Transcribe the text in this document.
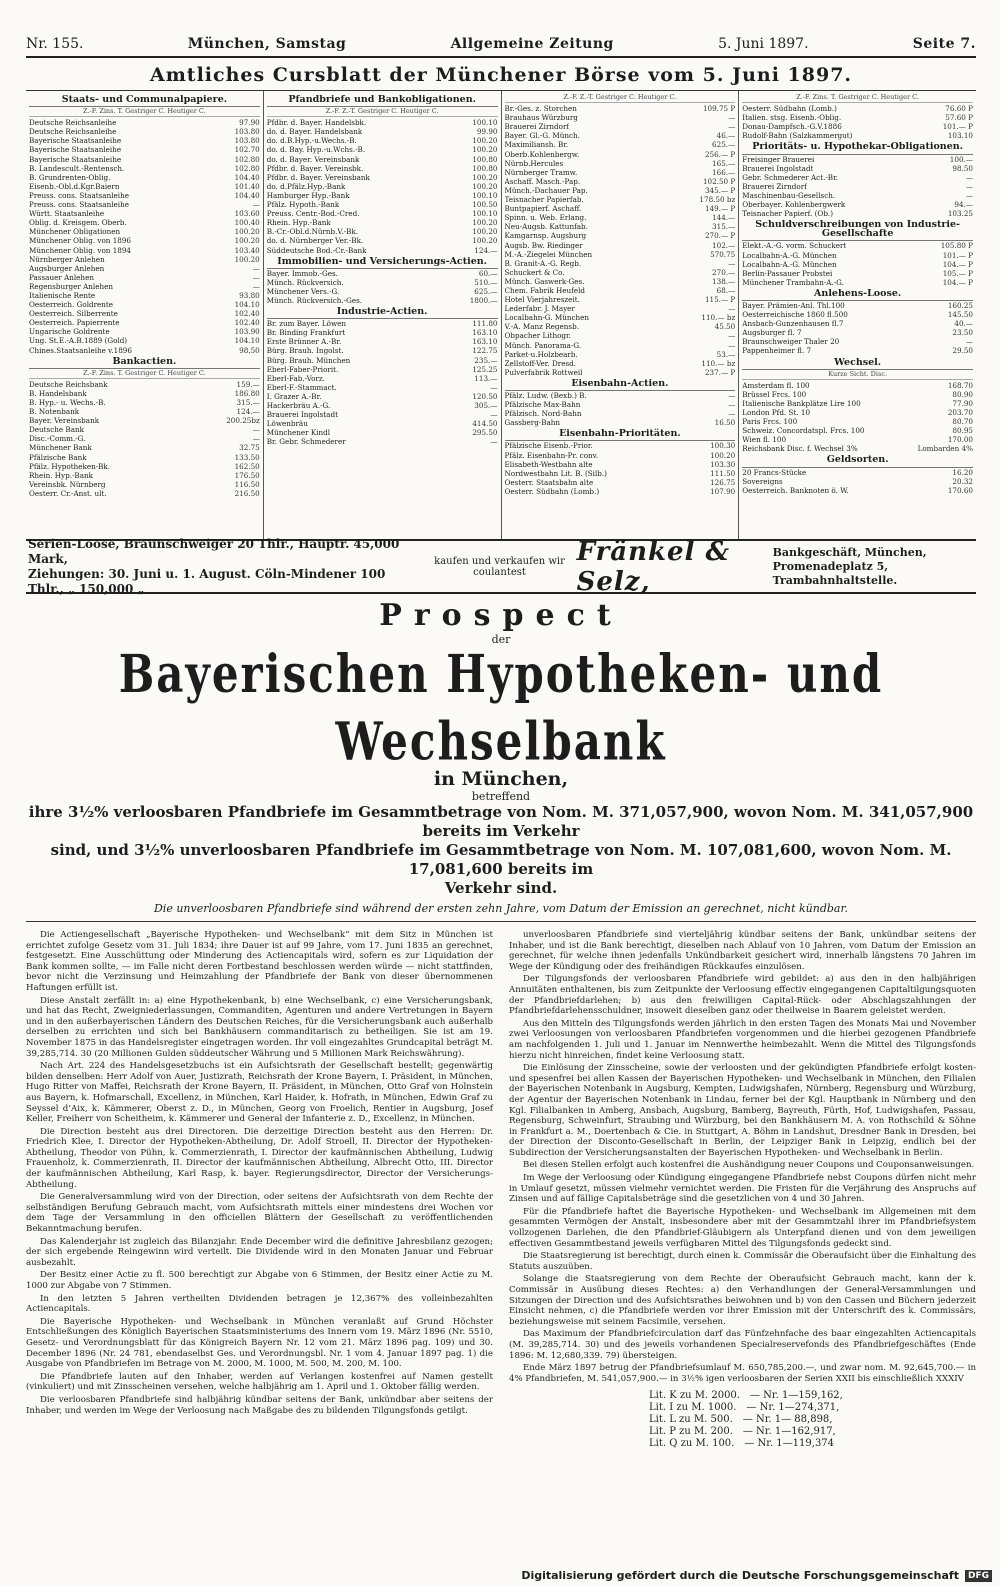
Nr. 155.	München, Samstag	Allgemeine Zeitung	5. Juni 1897.	Seite 7.
Amtliches Cursblatt der Münchener Börse vom 5. Juni 1897.
Staats- und Communalpapiere.
Z.-F. Zins. T. Gestriger C. Heutiger C.
Deutsche Reichsanleihe	97.90
Deutsche Reichsanleihe	103.80
Bayerische Staatsanleihe	103.80
Bayerische Staatsanleihe	102.70
Bayerische Staatsanleihe	102.80
B. Landescult.-Rentensch.	102.80
B. Grundrenten-Oblig.	104.40
Eisenb.-Obl.d.Kgr.Baiern	101.40
Preuss. cons. Staatsanleihe	104.40
Preuss. cons. Staatsanleihe	—
Württ. Staatsanleihe	103.60
Oblig. d. Kreisgem. Oberb.	100.40
Münchener Obligationen	100.20
Münchener Oblig. von 1896	100.20
Münchener Oblig. von 1894	103.40
Nürnberger Anlehen	100.20
Augsburger Anlehen	—
Passauer Anlehen	—
Regensburger Anlehen	—
Italienische Rente	93.80
Oesterreich. Goldrente	104.10
Oesterreich. Silberrente	102.40
Oesterreich. Papierrente	102.40
Ungarische Goldrente	103.90
Ung. St.E.-A.B.1889 (Gold)	104.10
Chines.Staatsanleihe v.1896	98.50
Bankactien.
Z.-F. Zins. T. Gestriger C. Heutiger C.
Deutsche Reichsbank	159.—
B. Handelsbank	186.80
B. Hyp.- u. Wechs.-B.	315.—
B. Notenbank	124.—
Bayer. Vereinsbank	200.25bz
Deutsche Bank	—
Disc.-Comm.-G.	—
Münchener Bank	32.75
Pfälzische Bank	133.50
Pfälz. Hypotheken-Bk.	162.50
Rhein. Hyp.-Bank	176.50
Vereinsbk. Nürnberg	116.50
Oesterr. Cr.-Anst. ult.	216.50
Pfandbriefe und Bankobligationen.
Z.-F. Z.-T. Gestriger C. Heutiger C.
Pfdbr. d. Bayer. Handelsbk.	100.10
do. d. Bayer. Handelsbank	99.90
do. d.B.Hyp.-u.Wechs.-B.	100.20
do. d. Bay. Hyp.-u.Wchs.-B.	100.20
do. d. Bayer. Vereinsbank	100.80
Pfdbr. d. Bayer. Vereinsbk.	100.80
Pfdbr. d. Bayer. Vereinsbank	100.20
do. d.Pfälz.Hyp.-Bank	100.20
Hamburger Hyp.-Bank	100.10
Pfälz. Hypoth.-Bank	100.50
Preuss. Centr.-Bod.-Cred.	100.10
Rhein. Hyp.-Bank	100.20
B.-Cr.-Obl.d.Nürnb.V.-Bk.	100.20
do. d. Nürnberger Ver.-Bk.	100.20
Süddeutsche Bod.-Cr.-Bank	124.—
Immobilien- und Versicherungs-Actien.
Bayer. Immob.-Ges.	60.—
Münch. Rückversich.	510.—
Münchener Vers.-G.	625.—
Münch. Rückversich.-Ges.	1800.—
Industrie-Actien.
Br. zum Bayer. Löwen	111.80
Br. Binding Frankfurt	163.10
Erste Brünner A.-Br.	163.10
Bürg. Brauh. Ingolst.	122.75
Bürg. Brauh. München	235.—
Eberl-Faber-Priorit.	125.25
Eberl-Fab.-Vorz.	113.—
Eberl-F.-Stammact.	—
I. Grazer A.-Br.	120.50
Hackerbräu A.-G.	305.—
Brauerei Ingolstadt	—
Löwenbräu	414.50
Münchener Kindl	295.50
Br. Gebr. Schmederer	—
Z.-F. Z.-T. Gestriger C. Heutiger C.
Br.-Ges. z. Storchen	109.75 P
Brauhaus Würzburg	—
Brauerei Zirndorf	—
Bayer. Gl.-G. Münch.	46.—
Maximiliansh. Br.	625.—
Oberb.Kohlenbergw.	256.— P
Nürnb.Hercules	165.—
Nürnberger Tramw.	166.—
Aschaff. Masch.-Pap.	102.50 P
Münch.-Dachauer Pap.	345.— P
Teisnacher Papierfab.	178.50 bz
Buntpapierf. Aschaff.	149.— P
Spinn. u. Web. Erlang.	144.—
Neu-Augsb. Kattunfab.	315.—
Kamgarnsp. Augsburg	270.— P
Augsb. Bw. Riedinger	102.—
M.-A.-Ziegelei München	570.75
B. Granit-A.-G. Regb.	—
Schuckert & Co.	270.—
Münch. Gaswerk-Ges.	138.—
Chem. Fabrik Heufeld	68.—
Hotel Vierjahreszeit.	115.— P
Lederfabr. J. Mayer	—
Localbahn-G. München	110.— bz
V.-A. Manz Regensb.	45.50
Obpacher Lithogr.	—
Münch. Panorama-G.	—
Parket-u.Holzbearb.	53.—
Zellstoff-Ver. Dresd.	110.— bz
Pulverfabrik Rottweil	237.— P
Eisenbahn-Actien.
Pfälz. Ludw. (Bexb.) B.	—
Pfälzische Max-Bahn	—
Pfälzisch. Nord-Bahn	—
Gassberg-Bahn	16.50
Eisenbahn-Prioritäten.
Pfälzische Eisenb.-Prior.	100.30
Pfälz. Eisenbahn-Pr. conv.	100.20
Elisabeth-Westbahn alte	103.30
Nordwestbahn Lit. B. (Silb.)	111.50
Oesterr. Staatsbahn alte	126.75
Oesterr. Südbahn (Lomb.)	107.90
Z.-F. Zins. T. Gestriger C. Heutiger C.
Oesterr. Südbahn (Lomb.)	76.60 P
Italien. stsg. Eisenb.-Oblig.	57.60 P
Donau-Dampfsch.-G.V.1886	101.— P
Rudolf-Bahn (Salzkammergut)	103.10
Prioritäts- u. Hypothekar-Obligationen.
Freisinger Brauerei	100.—
Brauerei Ingolstadt	98.50
Gebr. Schmederer Act.-Br.	—
Brauerei Zirndorf	—
Maschinenbau-Gesellsch.	—
Oberbayer. Kohlenbergwerk	94.—
Teisnacher Papierf. (Ob.)	103.25
Schuldverschreibungen von Industrie-Gesellschafte
Elekt.-A.-G. vorm. Schuckert	105.80 P
Localbahn-A.-G. München	101.— P
Localbahn-A.-G. München	104.— P
Berlin-Passauer Probstei	105.— P
Münchener Trambahn-A.-G.	104.— P
Anlehens-Loose.
Bayer. Prämien-Anl. Thl.100	160.25
Oesterreichische 1860 fl.500	145.50
Ansbach-Gunzenhausen fl.7	40.—
Augsburger fl. 7	23.50
Braunschweiger Thaler 20	—
Pappenheimer fl. 7	29.50
Wechsel.
Kurze Sicht. Disc.
Amsterdam fl. 100	168.70
Brüssel Frcs. 100	80.90
Italienische Bankplätze Lire 100	77.90
London Pfd. St. 10	203.70
Paris Frcs. 100	80.70
Schweiz. Concordatspl. Frcs. 100	80.95
Wien fl. 100	170.00
Reichsbank Disc. f. Wechsel 3%	Lombarden 4%
Geldsorten.
20 Francs-Stücke	16.20
Sovereigns	20.32
Oesterreich. Banknoten ö. W.	170.60
Serien-Loose, Braunschweiger 20 Thlr., Hauptr. 45,000 Mark,
Ziehungen: 30. Juni u. 1. August. Cöln-Mindener 100 Thlr., „ 150,000 „
kaufen und verkaufen wir coulantest
Fränkel & Selz,
Bankgeschäft, München,
Promenadeplatz 5, Trambahnhaltstelle.
Prospect
der
Bayerischen Hypotheken- und Wechselbank
in München,
betreffend
ihre 3½% verloosbaren Pfandbriefe im Gesammtbetrage von Nom. M. 371,057,900, wovon Nom. M. 341,057,900 bereits im Verkehr
sind, und 3½% unverloosbaren Pfandbriefe im Gesammtbetrage von Nom. M. 107,081,600, wovon Nom. M. 17,081,600 bereits im
Verkehr sind.
Die unverloosbaren Pfandbriefe sind während der ersten zehn Jahre, vom Datum der Emission an gerechnet, nicht kündbar.

Die Actiengesellschaft „Bayerische Hypotheken- und Wechselbank“ mit dem Sitz in München ist errichtet zufolge Gesetz vom 31. Juli 1834; ihre Dauer ist auf 99 Jahre, vom 17. Juni 1835 an gerechnet, festgesetzt. Eine Ausschüttung oder Minderung des Actiencapitals wird, sofern es zur Liquidation der Bank kommen sollte, — im Falle nicht deren Fortbestand beschlossen werden würde — nicht stattfinden, bevor nicht die Verzinsung und Heimzahlung der Pfandbriefe der Bank von dieser übernommenen Haftungen erfüllt ist.

Diese Anstalt zerfällt in: a) eine Hypothekenbank, b) eine Wechselbank, c) eine Versicherungsbank, und hat das Recht, Zweigniederlassungen, Commanditen, Agenturen und andere Vertretungen in Bayern und in den außerbayerischen Ländern des Deutschen Reiches, für die Versicherungsbank auch außerhalb derselben zu errichten und sich bei Bankhäusern commanditarisch zu betheiligen. Sie ist am 19. November 1875 in das Handelsregister eingetragen worden. Ihr voll eingezahltes Grundcapital beträgt M. 39,285,714. 30 (20 Millionen Gulden süddeutscher Währung und 5 Millionen Mark Reichswährung).

Nach Art. 224 des Handelsgesetzbuchs ist ein Aufsichtsrath der Gesellschaft bestellt; gegenwärtig bilden denselben: Herr Adolf von Auer, Justizrath, Reichsrath der Krone Bayern, I. Präsident, in München, Hugo Ritter von Maffei, Reichsrath der Krone Bayern, II. Präsident, in München, Otto Graf von Holnstein aus Bayern, k. Hofmarschall, Excellenz, in München, Karl Haider, k. Hofrath, in München, Edwin Graf zu Seyssel d’Aix, k. Kämmerer, Oberst z. D., in München, Georg von Froelich, Rentier in Augsburg, Josef Keller, Freiherr von Scheitheim, k. Kämmerer und General der Infanterie z. D., Excellenz, in München.

Die Direction besteht aus drei Directoren. Die derzeitige Direction besteht aus den Herren: Dr. Friedrich Klee, I. Director der Hypotheken-Abtheilung, Dr. Adolf Stroell, II. Director der Hypotheken-Abtheilung, Theodor von Pühn, k. Commerzienrath, I. Director der kaufmännischen Abtheilung, Ludwig Frauenholz, k. Commerzienrath, II. Director der kaufmännischen Abtheilung, Albrecht Otto, III. Director der kaufmännischen Abtheilung, Karl Rasp, k. bayer. Regierungsdirector, Director der Versicherungs-Abtheilung.

Die Generalversammlung wird von der Direction, oder seitens der Aufsichtsrath von dem Rechte der selbständigen Berufung Gebrauch macht, vom Aufsichtsrath mittels einer mindestens drei Wochen vor dem Tage der Versammlung in den officiellen Blättern der Gesellschaft zu veröffentlichenden Bekanntmachung berufen.

Das Kalenderjahr ist zugleich das Bilanzjahr. Ende December wird die definitive Jahresbilanz gezogen; der sich ergebende Reingewinn wird verteilt. Die Dividende wird in den Monaten Januar und Februar ausbezahlt.

Der Besitz einer Actie zu fl. 500 berechtigt zur Abgabe von 6 Stimmen, der Besitz einer Actie zu M. 1000 zur Abgabe von 7 Stimmen.

In den letzten 5 Jahren vertheilten Dividenden betragen je 12,367% des volleinbezahlten Actiencapitals.

Die Bayerische Hypotheken- und Wechselbank in München veranlaßt auf Grund Höchster Entschließungen des Königlich Bayerischen Staatsministeriums des Innern vom 19. März 1896 (Nr. 5510, Gesetz- und Verordnungsblatt für das Königreich Bayern Nr. 12 vom 21. März 1896 pag. 109) und 30. December 1896 (Nr. 24 781, ebendaselbst Ges. und Verordnungsbl. Nr. 1 vom 4. Januar 1897 pag. 1) die Ausgabe von Pfandbriefen im Betrage von M. 2000, M. 1000, M. 500, M. 200, M. 100.

Die Pfandbriefe lauten auf den Inhaber, werden auf Verlangen kostenfrei auf Namen gestellt (vinkuliert) und mit Zinsscheinen versehen, welche halbjährig am 1. April und 1. Oktober fällig werden.

Die verloosbaren Pfandbriefe sind halbjährig kündbar seitens der Bank, unkündbar aber seitens der Inhaber, und werden im Wege der Verloosung nach Maßgabe des zu bildenden Tilgungsfonds getilgt.

unverloosbaren Pfandbriefe sind vierteljährig kündbar seitens der Bank, unkündbar seitens der Inhaber, und ist die Bank berechtigt, dieselben nach Ablauf von 10 Jahren, vom Datum der Emission an gerechnet, für welche ihnen jedenfalls Unkündbarkeit gesichert wird, innerhalb längstens 70 Jahren im Wege der Kündigung oder des freihändigen Rückkaufes einzulösen.

Der Tilgungsfonds der verloosbaren Pfandbriefe wird gebildet: a) aus den in den halbjährigen Annuitäten enthaltenen, bis zum Zeitpunkte der Verloosung effectiv eingegangenen Capitaltilgungsquoten der Pfandbriefdarlehen; b) aus den freiwilligen Capital-Rück- oder Abschlagszahlungen der Pfandbriefdarlehensschuldner, insoweit dieselben ganz oder theilweise in Baarem geleistet werden.

Aus den Mitteln des Tilgungsfonds werden jährlich in den ersten Tagen des Monats Mai und November zwei Verloosungen von verloosbaren Pfandbriefen vorgenommen und die hierbei gezogenen Pfandbriefe am nachfolgenden 1. Juli und 1. Januar im Nennwerthe heimbezahlt. Wenn die Mittel des Tilgungsfonds hierzu nicht hinreichen, findet keine Verloosung statt.

Die Einlösung der Zinsscheine, sowie der verloosten und der gekündigten Pfandbriefe erfolgt kosten- und spesenfrei bei allen Kassen der Bayerischen Hypotheken- und Wechselbank in München, den Filialen der Bayerischen Notenbank in Augsburg, Kempten, Ludwigshafen, Nürnberg, Regensburg und Würzburg, der Agentur der Bayerischen Notenbank in Lindau, ferner bei der Kgl. Hauptbank in Nürnberg und den Kgl. Filialbanken in Amberg, Ansbach, Augsburg, Bamberg, Bayreuth, Fürth, Hof, Ludwigshafen, Passau, Regensburg, Schweinfurt, Straubing und Würzburg, bei den Bankhäusern M. A. von Rothschild & Söhne in Frankfurt a. M., Doertenbach & Cie. in Stuttgart, A. Böhm in Landshut, Dresdner Bank in Dresden, bei der Direction der Disconto-Gesellschaft in Berlin, der Leipziger Bank in Leipzig, endlich bei der Subdirection der Versicherungsanstalten der Bayerischen Hypotheken- und Wechselbank in Berlin.

Bei diesen Stellen erfolgt auch kostenfrei die Aushändigung neuer Coupons und Couponsanweisungen.

Im Wege der Verloosung oder Kündigung eingegangene Pfandbriefe nebst Coupons dürfen nicht mehr in Umlauf gesetzt, müssen vielmehr vernichtet werden. Die Fristen für die Verjährung des Anspruchs auf Zinsen und auf fällige Capitalsbeträge sind die gesetzlichen von 4 und 30 Jahren.

Für die Pfandbriefe haftet die Bayerische Hypotheken- und Wechselbank im Allgemeinen mit dem gesammten Vermögen der Anstalt, insbesondere aber mit der Gesammtzahl ihrer im Pfandbriefsystem vollzogenen Darlehen, die den Pfandbrief-Gläubigern als Unterpfand dienen und von dem jeweiligen effectiven Gesammtbestand jeweils verfügbaren Mittel des Tilgungsfonds gedeckt sind.

Die Staatsregierung ist berechtigt, durch einen k. Commissär die Oberaufsicht über die Einhaltung des Statuts auszuüben.

Solange die Staatsregierung von dem Rechte der Oberaufsicht Gebrauch macht, kann der k. Commissär in Ausübung dieses Rechtes: a) den Verhandlungen der General-Versammlungen und Sitzungen der Direction und des Aufsichtsrathes beiwohnen und b) von den Cassen und Büchern jederzeit Einsicht nehmen, c) die Pfandbriefe werden vor ihrer Emission mit der Unterschrift des k. Commissärs, beziehungsweise mit seinem Facsimile, versehen.

Das Maximum der Pfandbriefcirculation darf das Fünfzehnfache des baar eingezahlten Actiencapitals (M. 39,285,714. 30) und des jeweils vorhandenen Specialreservefonds des Pfandbriefgeschäftes (Ende 1896: M. 12,680,339. 79) übersteigen.

Ende März 1897 betrug der Pfandbriefsumlauf M. 650,785,200.—, und zwar nom. M. 92,645,700.— in 4% Pfandbriefen, M. 541,057,900.— in 3½% igen verloosbaren der Serien XXII bis einschließlich XXXIV

Lit. K zu M. 2000. — Nr. 1—159,162,
Lit. I zu M. 1000. — Nr. 1—274,371,
Lit. L zu M. 500. — Nr. 1— 88,898,
Lit. P zu M. 200. — Nr. 1—162,917,
Lit. Q zu M. 100. — Nr. 1—119,374
Digitalisierung gefördert durch die Deutsche Forschungsgemeinschaft	DFG
